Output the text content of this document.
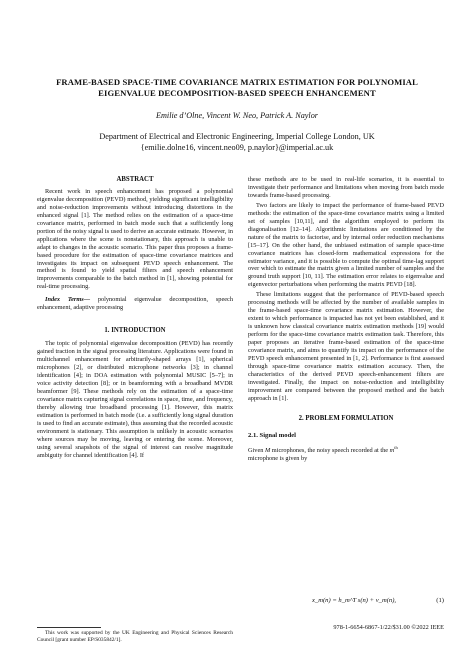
FRAME-BASED SPACE-TIME COVARIANCE MATRIX ESTIMATION FOR POLYNOMIAL
EIGENVALUE DECOMPOSITION-BASED SPEECH ENHANCEMENT
Emilie d’Olne, Vincent W. Neo, Patrick A. Naylor
Department of Electrical and Electronic Engineering, Imperial College London, UK
{emilie.dolne16, vincent.neo09, p.naylor}@imperial.ac.uk
ABSTRACT

Recent work in speech enhancement has proposed a polynomial eigenvalue decomposition (PEVD) method, yielding significant intelligibility and noise-reduction improvements without introducing distortions in the enhanced signal [1]. The method relies on the estimation of a space-time covariance matrix, performed in batch mode such that a sufficiently long portion of the noisy signal is used to derive an accurate estimate. However, in applications where the scene is nonstationary, this approach is unable to adapt to changes in the acoustic scenario. This paper thus proposes a frame-based procedure for the estimation of space-time covariance matrices and investigates its impact on subsequent PEVD speech enhancement. The method is found to yield spatial filters and speech enhancement improvements comparable to the batch method in [1], showing potential for real-time processing.

Index Terms— polynomial eigenvalue decomposition, speech enhancement, adaptive processing

1. INTRODUCTION

The topic of polynomial eigenvalue decomposition (PEVD) has recently gained traction in the signal processing literature. Applications were found in multichannel enhancement for arbitrarily-shaped arrays [1], spherical microphones [2], or distributed microphone networks [3]; in channel identification [4]; in DOA estimation with polynomial MUSIC [5–7]; in voice activity detection [8]; or in beamforming with a broadband MVDR beamformer [9]. These methods rely on the estimation of a space-time covariance matrix capturing signal correlations in space, time, and frequency, thereby allowing true broadband processing [1]. However, this matrix estimation is performed in batch mode (i.e. a sufficiently long signal duration is used to find an accurate estimate), thus assuming that the recorded acoustic environment is stationary. This assumption is unlikely in acoustic scenarios where sources may be moving, leaving or entering the scene. Moreover, using several snapshots of the signal of interest can resolve magnitude ambiguity for channel identification [4]. If

This work was supported by the UK Engineering and Physical Sciences Research Council [grant number EP/S035842/1].

these methods are to be used in real-life scenarios, it is essential to investigate their performance and limitations when moving from batch mode towards frame-based processing.

Two factors are likely to impact the performance of frame-based PEVD methods: the estimation of the space-time covariance matrix using a limited set of samples [10,11], and the algorithm employed to perform its diagonalisation [12–14]. Algorithmic limitations are conditioned by the nature of the matrix to factorise, and by internal order reduction mechanisms [15–17]. On the other hand, the unbiased estimation of sample space-time covariance matrices has closed-form mathematical expressions for the estimator variance, and it is possible to compute the optimal time-lag support over which to estimate the matrix given a limited number of samples and the ground truth support [10, 11]. The estimation error relates to eigenvalue and eigenvector perturbations when performing the matrix PEVD [18].

These limitations suggest that the performance of PEVD-based speech processing methods will be affected by the number of available samples in the frame-based space-time covariance matrix estimation. However, the extent to which performance is impacted has not yet been established, and it is unknown how classical covariance matrix estimation methods [19] would perform for the space-time covariance matrix estimation task. Therefore, this paper proposes an iterative frame-based estimation of the space-time covariance matrix, and aims to quantify its impact on the performance of the PEVD speech enhancement presented in [1, 2]. Performance is first assessed through space-time covariance matrix estimation accuracy. Then, the characteristics of the derived PEVD speech-enhancement filters are investigated. Finally, the impact on noise-reduction and intelligibility improvement are compared between the proposed method and the batch approach in [1].

2. PROBLEM FORMULATION
2.1. Signal model

Given M microphones, the noisy speech recorded at the $m^{th}$
microphone is given by

x_m(n) = h_m^T s(n) + v_m(n),	(1)
978-1-6654-6867-1/22/$31.00 ©2022 IEEE
